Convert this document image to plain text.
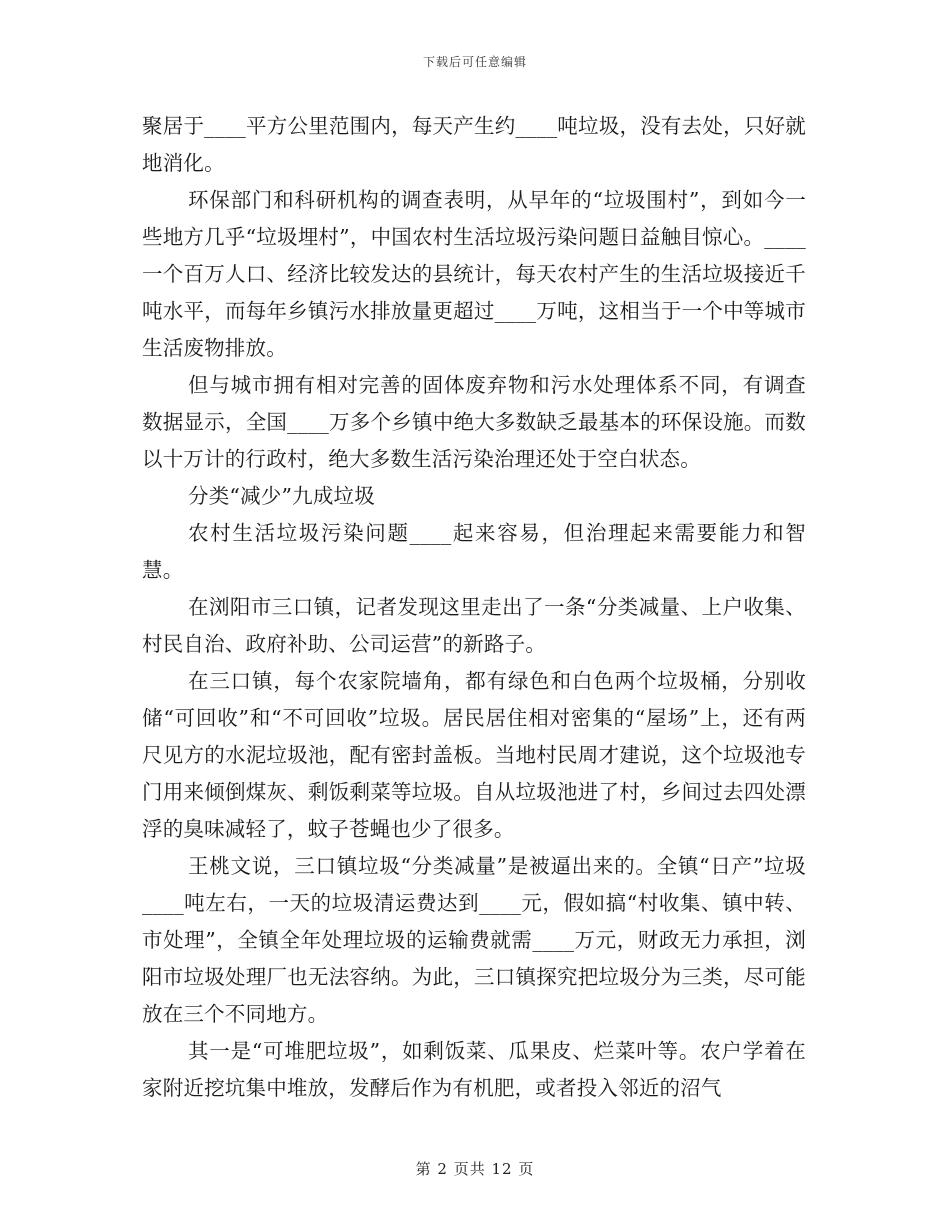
下载后可任意编辑

聚居于____平方公里范围内，每天产生约____吨垃圾，没有去处，只好就地消化。

环保部门和科研机构的调查表明，从早年的“垃圾围村”，到如今一些地方几乎“垃圾埋村”，中国农村生活垃圾污染问题日益触目惊心。____一个百万人口、经济比较发达的县统计，每天农村产生的生活垃圾接近千吨水平，而每年乡镇污水排放量更超过____万吨，这相当于一个中等城市生活废物排放。

但与城市拥有相对完善的固体废弃物和污水处理体系不同，有调查数据显示，全国____万多个乡镇中绝大多数缺乏最基本的环保设施。而数以十万计的行政村，绝大多数生活污染治理还处于空白状态。

分类“减少”九成垃圾

农村生活垃圾污染问题____起来容易，但治理起来需要能力和智慧。

在浏阳市三口镇，记者发现这里走出了一条“分类减量、上户收集、村民自治、政府补助、公司运营”的新路子。

在三口镇，每个农家院墙角，都有绿色和白色两个垃圾桶，分别收储“可回收”和“不可回收”垃圾。居民居住相对密集的“屋场”上，还有两尺见方的水泥垃圾池，配有密封盖板。当地村民周才建说，这个垃圾池专门用来倾倒煤灰、剩饭剩菜等垃圾。自从垃圾池进了村，乡间过去四处漂浮的臭味减轻了，蚊子苍蝇也少了很多。

王桃文说，三口镇垃圾“分类减量”是被逼出来的。全镇“日产”垃圾____吨左右，一天的垃圾清运费达到____元，假如搞“村收集、镇中转、市处理”，全镇全年处理垃圾的运输费就需____万元，财政无力承担，浏阳市垃圾处理厂也无法容纳。为此，三口镇探究把垃圾分为三类，尽可能放在三个不同地方。

其一是“可堆肥垃圾”，如剩饭菜、瓜果皮、烂菜叶等。农户学着在家附近挖坑集中堆放，发酵后作为有机肥，或者投入邻近的沼气

第 2 页共 12 页
